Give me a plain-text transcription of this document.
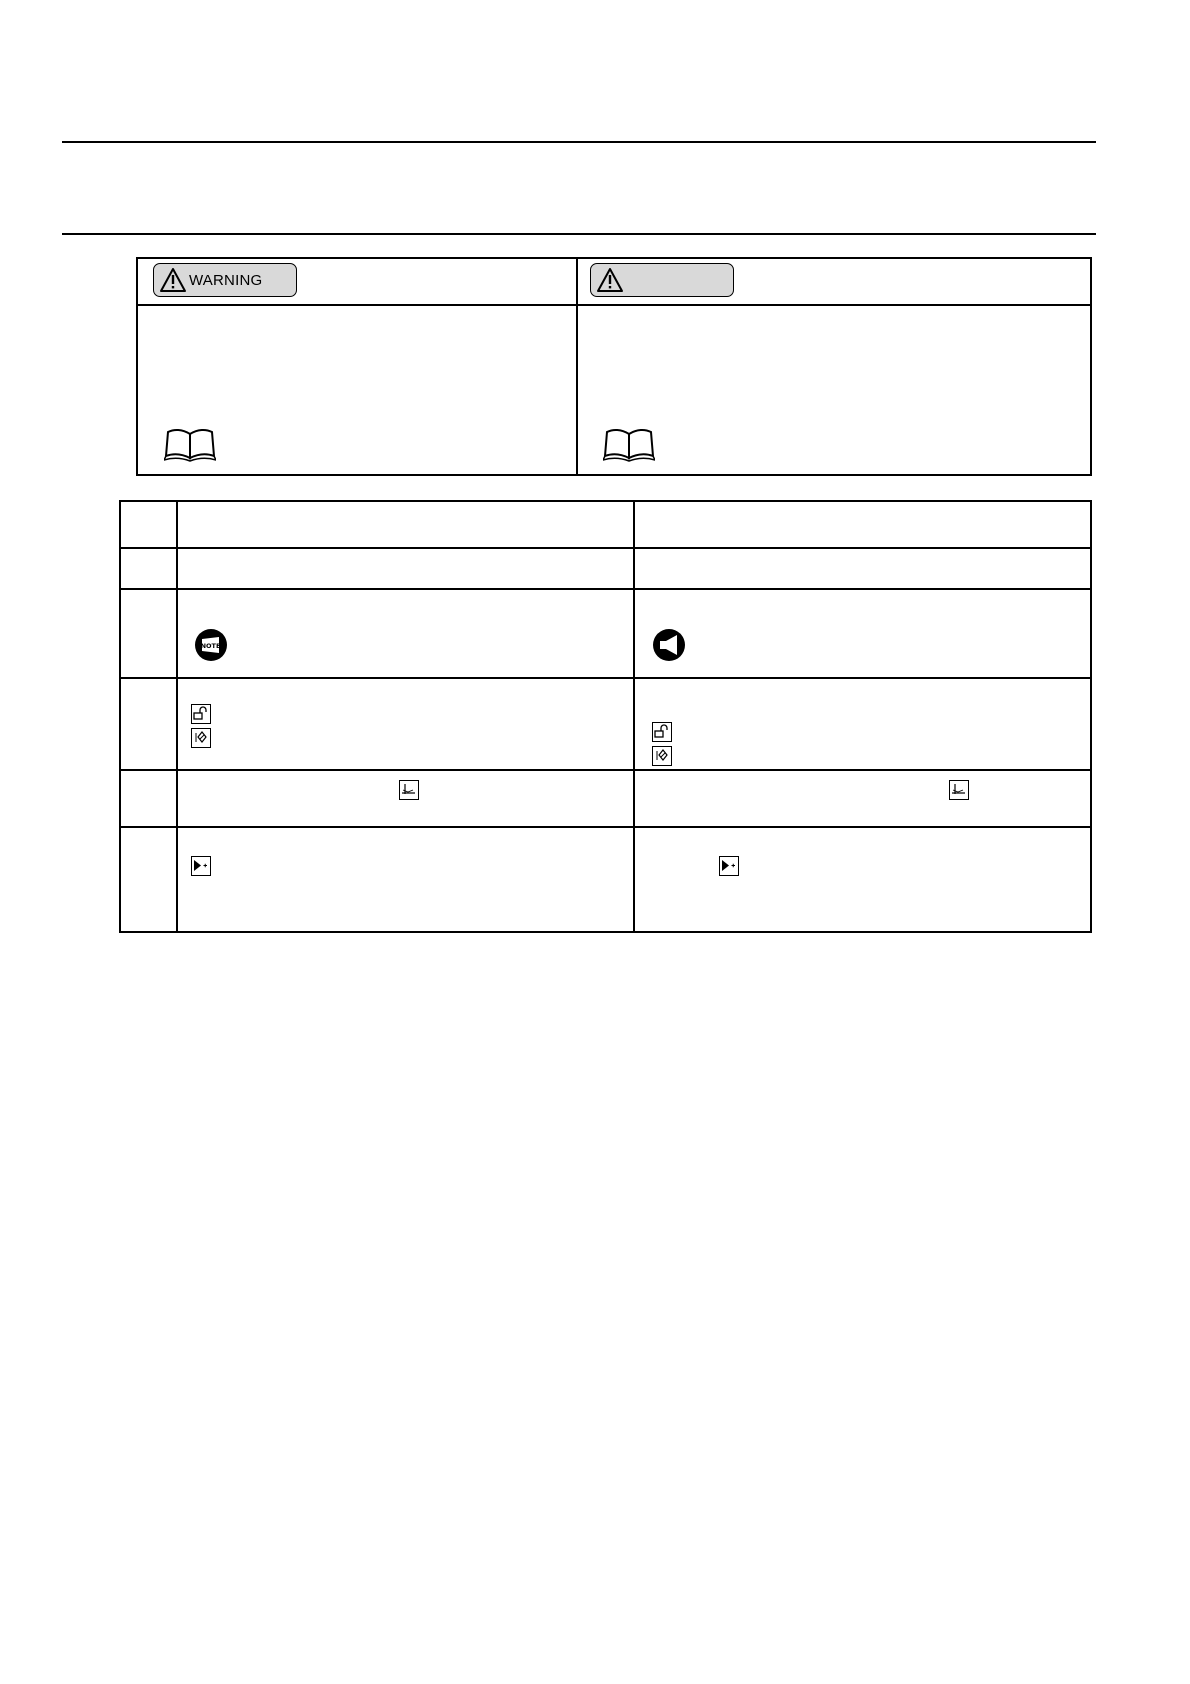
WARNING
NOTE
